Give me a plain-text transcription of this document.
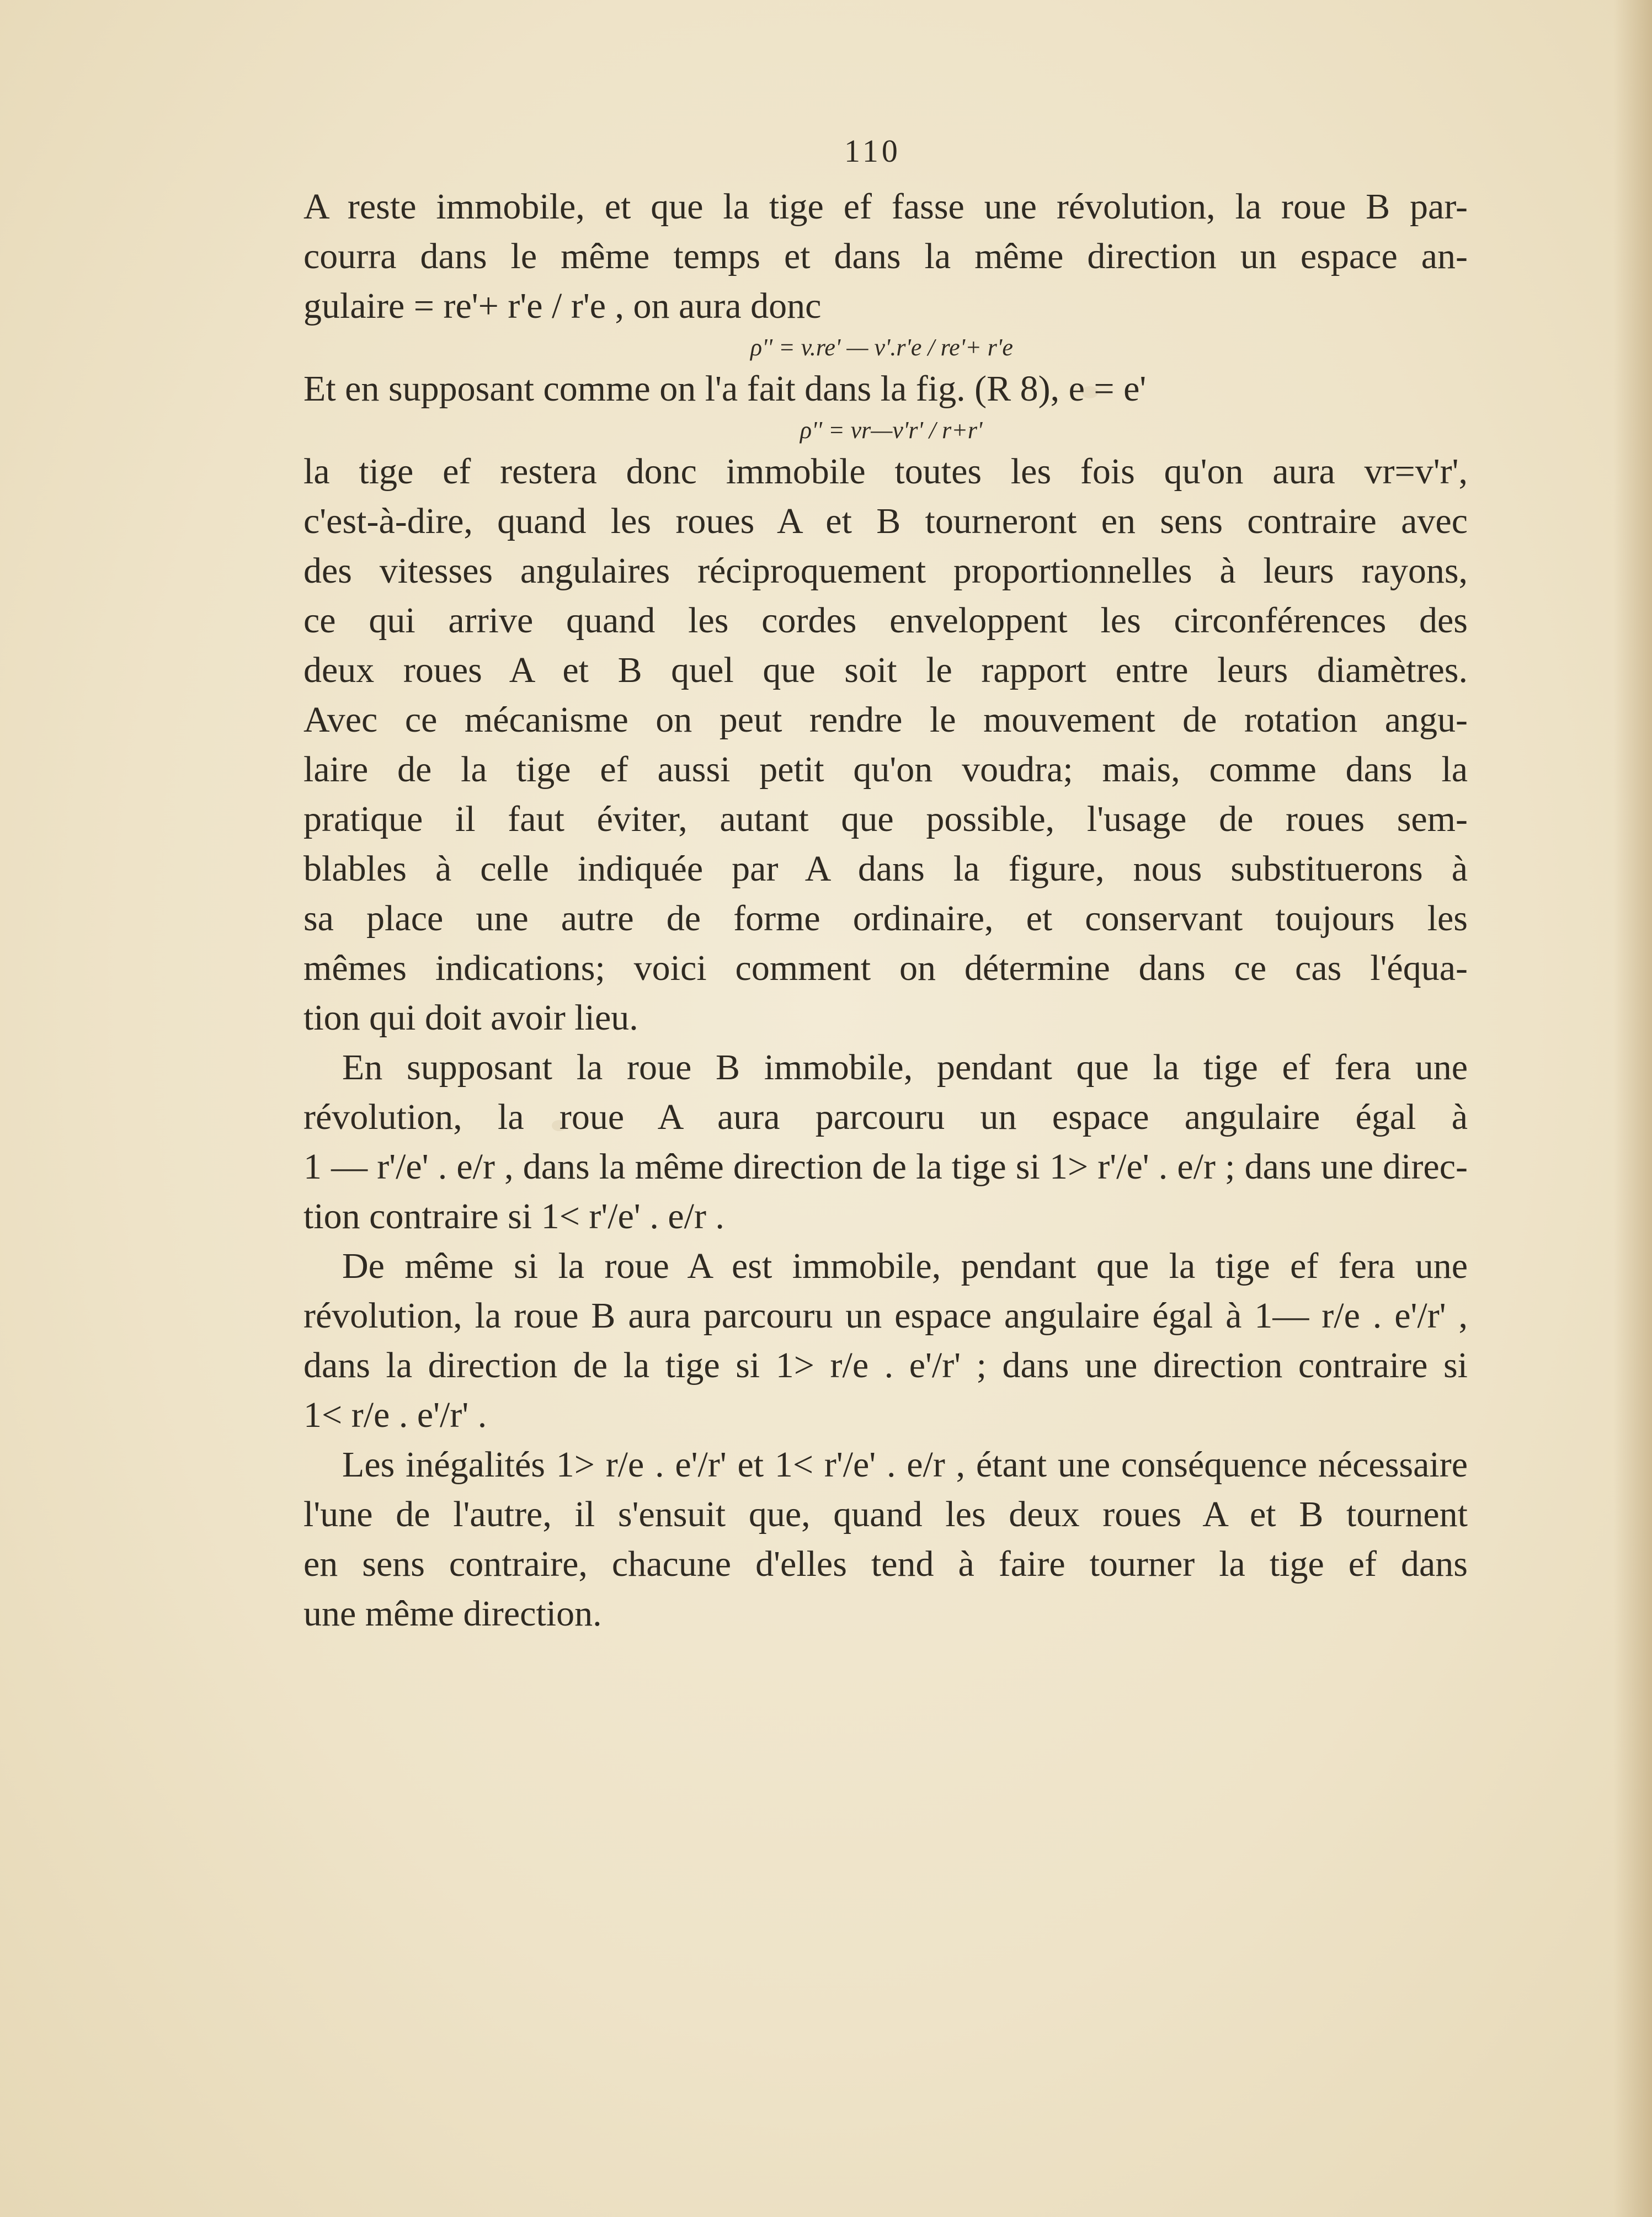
110
A reste immobile, et que la tige ef fasse une révolution, la roue B par-
courra dans le même temps et dans la même direction un espace an-
gulaire = re'+ r'e / r'e , on aura donc
ρ'' = v.re' — v'.r'e / re'+ r'e
Et en supposant comme on l'a fait dans la fig. (R 8), e = e'
ρ'' = vr—v'r' / r+r'
la tige ef restera donc immobile toutes les fois qu'on aura vr=v'r',
c'est-à-dire, quand les roues A et B tourneront en sens contraire avec
des vitesses angulaires réciproquement proportionnelles à leurs rayons,
ce qui arrive quand les cordes enveloppent les circonférences des
deux roues A et B quel que soit le rapport entre leurs diamètres.
Avec ce mécanisme on peut rendre le mouvement de rotation angu-
laire de la tige ef aussi petit qu'on voudra; mais, comme dans la
pratique il faut éviter, autant que possible, l'usage de roues sem-
blables à celle indiquée par A dans la figure, nous substituerons à
sa place une autre de forme ordinaire, et conservant toujours les
mêmes indications; voici comment on détermine dans ce cas l'équa-
tion qui doit avoir lieu.
En supposant la roue B immobile, pendant que la tige ef fera une
révolution, la roue A aura parcouru un espace angulaire égal à
1 — r'/e' . e/r , dans la même direction de la tige si 1> r'/e' . e/r ; dans une direc-
tion contraire si 1< r'/e' . e/r .
De même si la roue A est immobile, pendant que la tige ef fera une
révolution, la roue B aura parcouru un espace angulaire égal à 1— r/e . e'/r' ,
dans la direction de la tige si 1> r/e . e'/r' ; dans une direction contraire si
1< r/e . e'/r' .
Les inégalités 1> r/e . e'/r' et 1< r'/e' . e/r , étant une conséquence nécessaire
l'une de l'autre, il s'ensuit que, quand les deux roues A et B tournent
en sens contraire, chacune d'elles tend à faire tourner la tige ef dans
une même direction.
